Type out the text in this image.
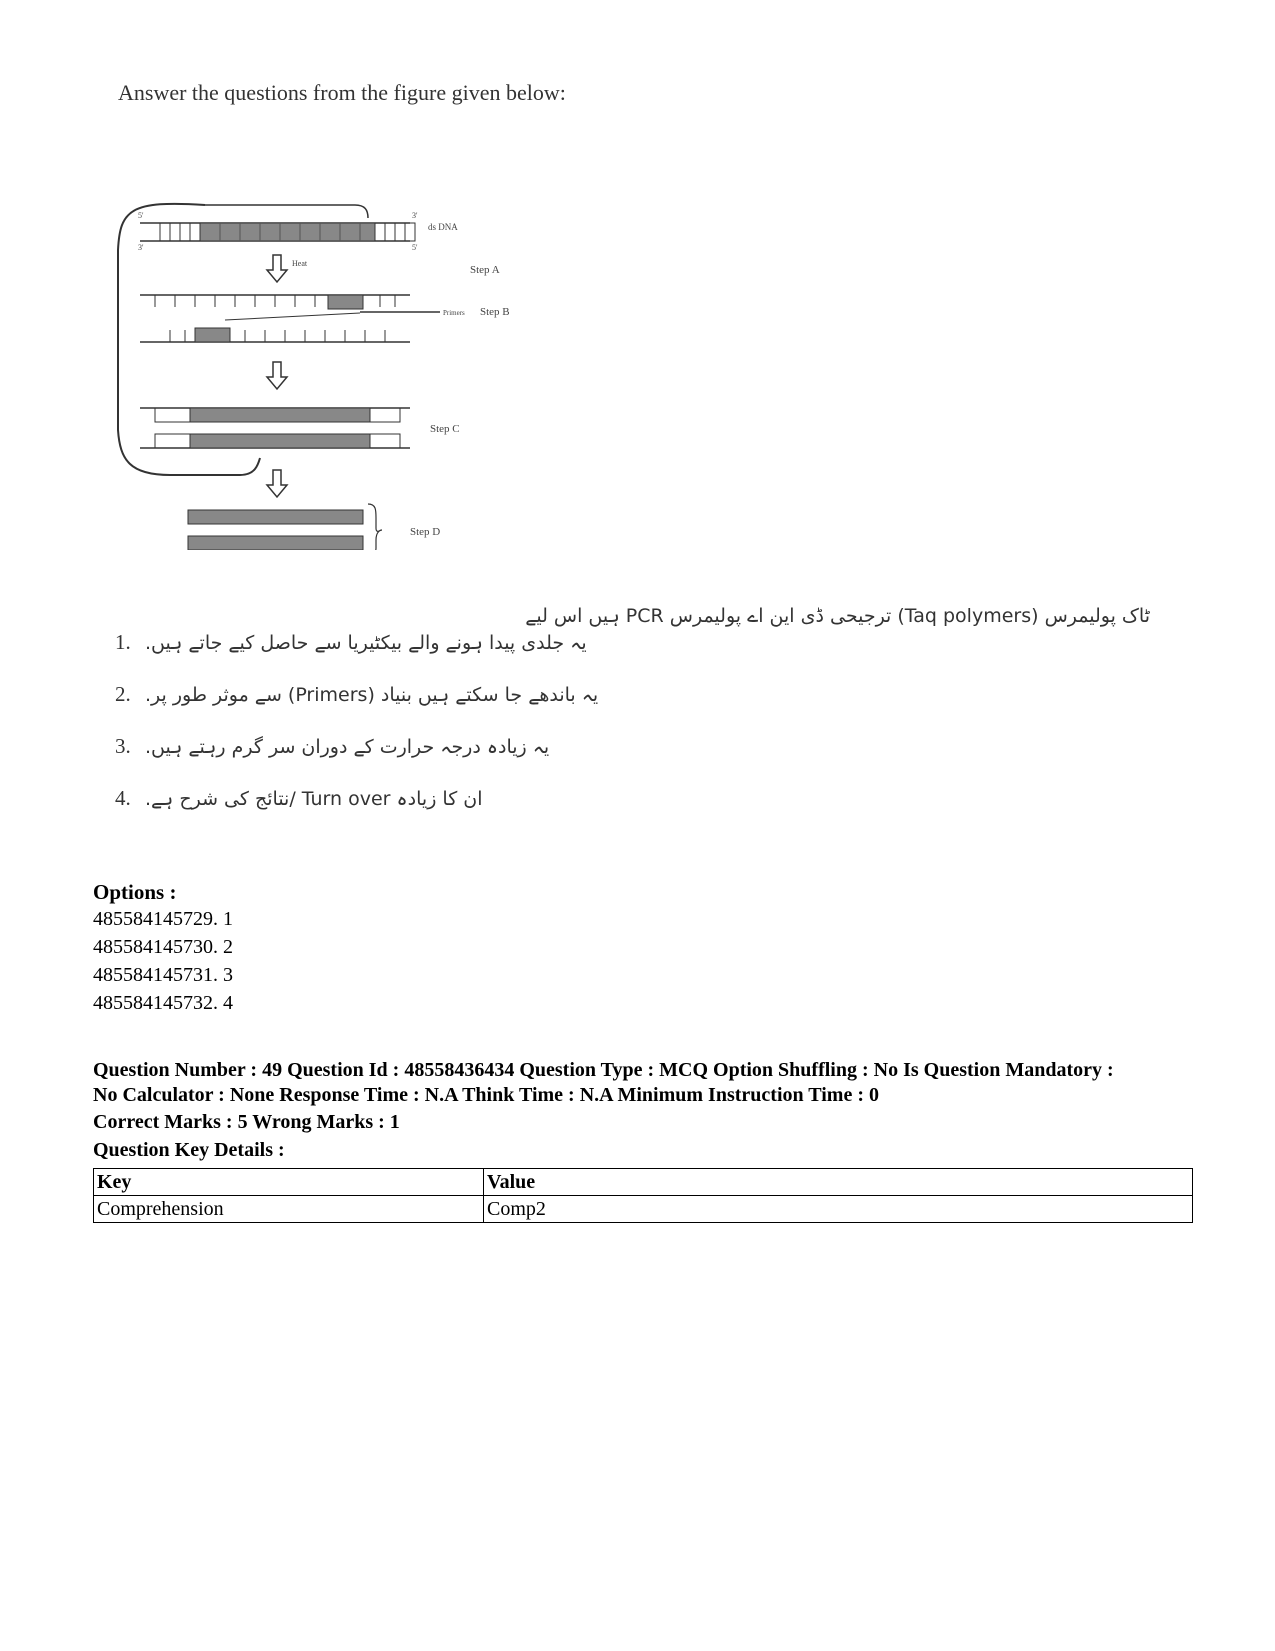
Answer the questions from the figure given below:
5'
3'
3'
5'
ds DNA
Heat
Step A
Primers Step B
Step C
Step D
ٹاک پولیمرس (Taq polymers) ترجیحی ڈی این اے پولیمرس PCR ہیں اس لیے
1. یہ جلدی پیدا ہونے والے بیکٹیریا سے حاصل کیے جاتے ہیں.
2. یہ باندھے جا سکتے ہیں بنیاد (Primers) سے موثر طور پر.
3. یہ زیادہ درجہ حرارت کے دوران سر گرم رہتے ہیں.
4. ان کا زیادہ Turn over /نتائج کی شرح ہے.
Options :
485584145729. 1
485584145730. 2
485584145731. 3
485584145732. 4
Question Number : 49 Question Id : 48558436434 Question Type : MCQ Option Shuffling : No Is Question Mandatory :
No Calculator : None Response Time : N.A Think Time : N.A Minimum Instruction Time : 0
Correct Marks : 5 Wrong Marks : 1
Question Key Details :
Key	Value
Comprehension	Comp2
